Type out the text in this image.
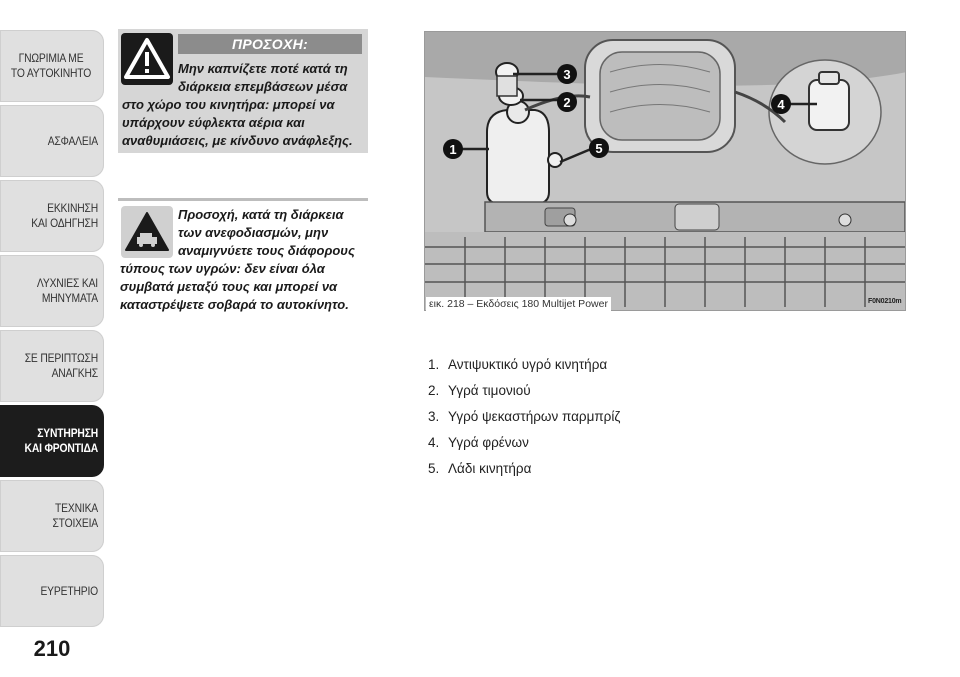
ΓΝΩΡΙΜΙΑ ΜΕ
ΤΟ ΑΥΤΟΚΙΝΗΤΟ
ΑΣΦΑΛΕΙΑ
ΕΚΚΙΝΗΣΗ
ΚΑΙ ΟΔΗΓΗΣΗ
ΛΥΧΝΙΕΣ ΚΑΙ
ΜΗΝΥΜΑΤΑ
ΣΕ ΠΕΡΙΠΤΩΣΗ
ΑΝΑΓΚΗΣ
ΣΥΝΤΗΡΗΣΗ
ΚΑΙ ΦΡΟΝΤΙΔΑ
ΤΕΧΝΙΚΑ
ΣΤΟΙΧΕΙΑ
ΕΥΡΕΤΗΡΙΟ
210
ΠΡΟΣΟΧΗ:
Μην καπνίζετε ποτέ κατά τη διάρκεια επεμβάσεων μέσα
στο χώρο του κινητήρα: μπορεί να υπάρχουν εύφλεκτα αέρια και αναθυμιάσεις, με κίνδυνο ανάφλεξης.
Προσοχή, κατά τη διάρκεια των ανεφοδιασμών, μην αναμιγνύετε τους διάφορους
τύπους των υγρών: δεν είναι όλα συμβατά μεταξύ τους και μπορεί να καταστρέψετε σοβαρά το αυτοκίνητο.
1
2
3
4
5
εικ. 218 – Εκδόσεις 180 Multijet Power	F0N0210m
1. Αντιψυκτικό υγρό κινητήρα
2. Υγρά τιμονιού
3. Υγρό ψεκαστήρων παρμπρίζ
4. Υγρά φρένων
5. Λάδι κινητήρα
